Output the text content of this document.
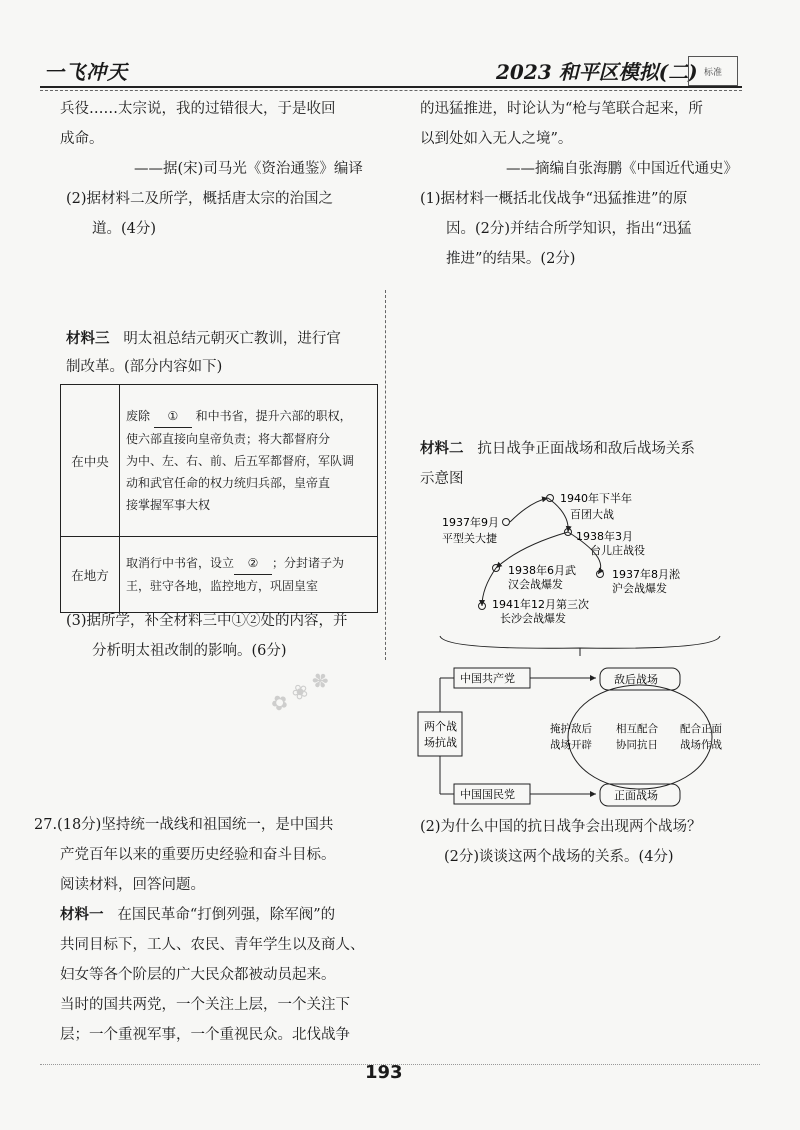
一飞冲天	2023 和平区模拟(二) 标准
兵役……太宗说，我的过错很大，于是收回
成命。
——据(宋)司马光《资治通鉴》编译
(2)据材料二及所学，概括唐太宗的治国之
道。(4分)
材料三 明太祖总结元朝灭亡教训，进行官
制改革。(部分内容如下)
在中央	废除 ① 和中书省，提升六部的职权，
使六部直接向皇帝负责；将大都督府分
为中、左、右、前、后五军都督府，军队调
动和武官任命的权力统归兵部，皇帝直
接掌握军事大权

在地方	取消行中书省，设立 ② ；分封诸子为
王，驻守各地，监控地方，巩固皇室
(3)据所学，补全材料三中①②处的内容，并
分析明太祖改制的影响。(6分)
✿ ❀ ✽
27.(18分)坚持统一战线和祖国统一，是中国共
产党百年以来的重要历史经验和奋斗目标。
阅读材料，回答问题。
材料一 在国民革命“打倒列强，除军阀”的
共同目标下，工人、农民、青年学生以及商人、
妇女等各个阶层的广大民众都被动员起来。
当时的国共两党，一个关注上层，一个关注下
层；一个重视军事，一个重视民众。北伐战争
的迅猛推进，时论认为“枪与笔联合起来，所
以到处如入无人之境”。
——摘编自张海鹏《中国近代通史》
(1)据材料一概括北伐战争“迅猛推进”的原
因。(2分)并结合所学知识，指出“迅猛
推进”的结果。(2分)
材料二 抗日战争正面战场和敌后战场关系
示意图
1937年9月
平型关大捷
1940年下半年
百团大战
1938年3月
台儿庄战役
1937年8月淞
沪会战爆发
1938年6月武
汉会战爆发
1941年12月第三次
长沙会战爆发
两个战
场抗战
中国共产党
中国国民党
敌后战场
正面战场
掩护敌后
战场开辟
相互配合
协同抗日
配合正面
战场作战
(2)为什么中国的抗日战争会出现两个战场？
(2分)谈谈这两个战场的关系。(4分)
193
